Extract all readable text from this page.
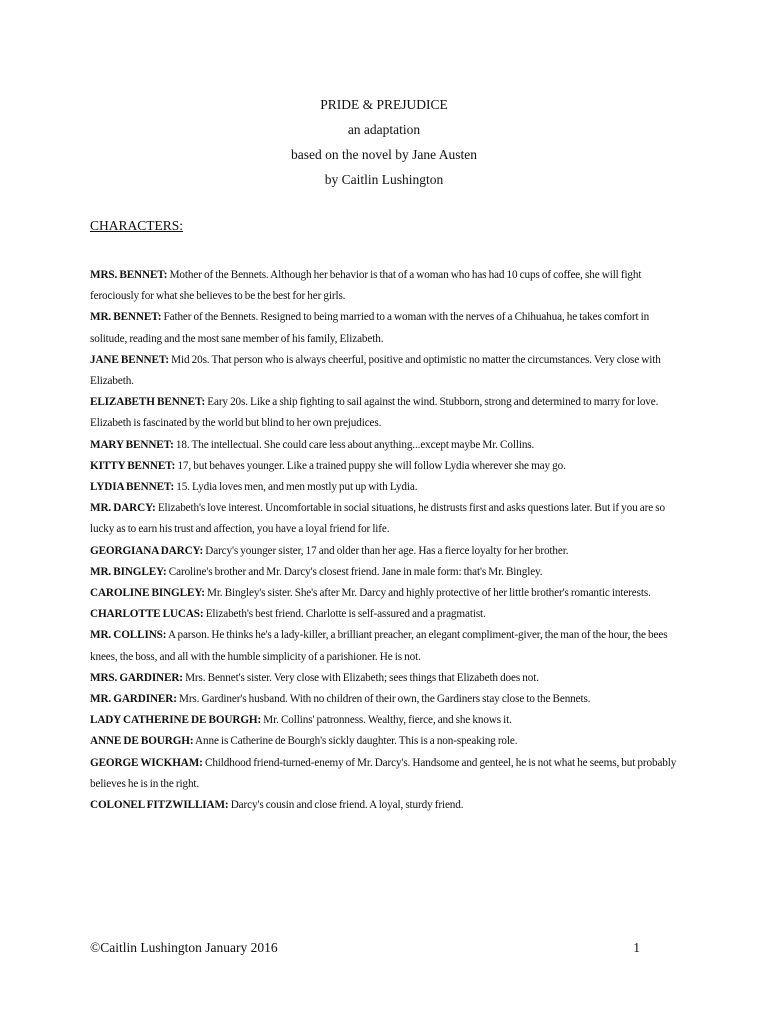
PRIDE & PREJUDICE
an adaptation
based on the novel by Jane Austen
by Caitlin Lushington
CHARACTERS:

MRS. BENNET: Mother of the Bennets. Although her behavior is that of a woman who has had 10 cups of coffee, she will fight ferociously for what she believes to be the best for her girls.

MR. BENNET: Father of the Bennets. Resigned to being married to a woman with the nerves of a Chihuahua, he takes comfort in solitude, reading and the most sane member of his family, Elizabeth.

JANE BENNET: Mid 20s. That person who is always cheerful, positive and optimistic no matter the circumstances. Very close with Elizabeth.

ELIZABETH BENNET: Eary 20s. Like a ship fighting to sail against the wind. Stubborn, strong and determined to marry for love. Elizabeth is fascinated by the world but blind to her own prejudices.

MARY BENNET: 18. The intellectual. She could care less about anything...except maybe Mr. Collins.

KITTY BENNET: 17, but behaves younger. Like a trained puppy she will follow Lydia wherever she may go.

LYDIA BENNET: 15. Lydia loves men, and men mostly put up with Lydia.

MR. DARCY: Elizabeth's love interest. Uncomfortable in social situations, he distrusts first and asks questions later. But if you are so lucky as to earn his trust and affection, you have a loyal friend for life.

GEORGIANA DARCY: Darcy's younger sister, 17 and older than her age. Has a fierce loyalty for her brother.

MR. BINGLEY: Caroline's brother and Mr. Darcy's closest friend. Jane in male form: that's Mr. Bingley.

CAROLINE BINGLEY: Mr. Bingley's sister. She's after Mr. Darcy and highly protective of her little brother's romantic interests.

CHARLOTTE LUCAS: Elizabeth's best friend. Charlotte is self-assured and a pragmatist.

MR. COLLINS: A parson. He thinks he's a lady-killer, a brilliant preacher, an elegant compliment-giver, the man of the hour, the bees knees, the boss, and all with the humble simplicity of a parishioner. He is not.

MRS. GARDINER: Mrs. Bennet's sister. Very close with Elizabeth; sees things that Elizabeth does not.

MR. GARDINER: Mrs. Gardiner's husband. With no children of their own, the Gardiners stay close to the Bennets.

LADY CATHERINE DE BOURGH: Mr. Collins' patronness. Wealthy, fierce, and she knows it.

ANNE DE BOURGH: Anne is Catherine de Bourgh's sickly daughter. This is a non-speaking role.

GEORGE WICKHAM: Childhood friend-turned-enemy of Mr. Darcy's. Handsome and genteel, he is not what he seems, but probably believes he is in the right.

COLONEL FITZWILLIAM: Darcy's cousin and close friend. A loyal, sturdy friend.

©Caitlin Lushington January 2016	1
